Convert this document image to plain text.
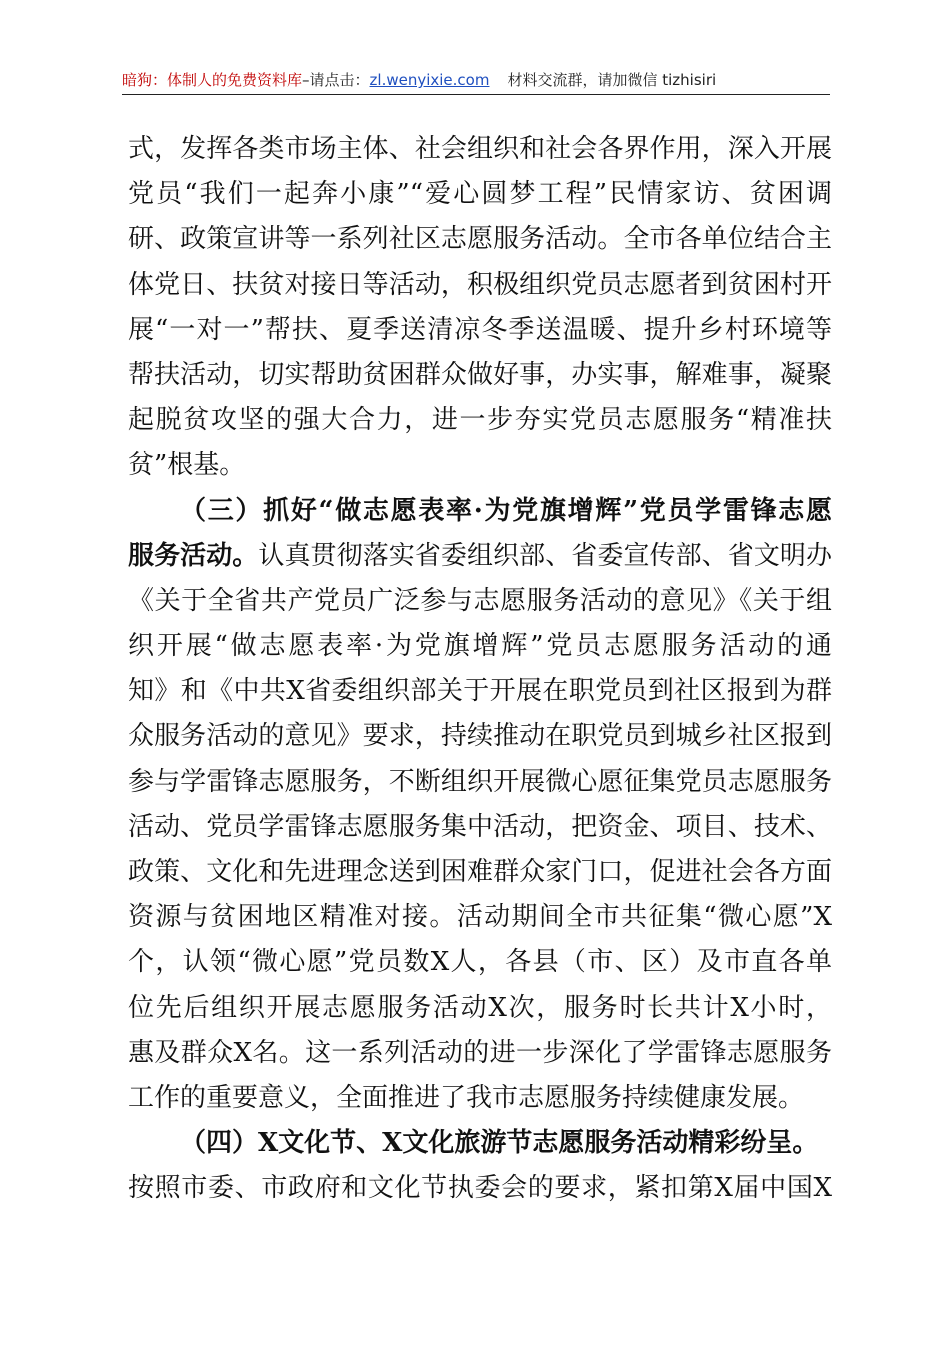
暗狗：体制人的免费资料库–请点击：zl.wenyixie.com 材料交流群，请加微信 tizhisiri
式，发挥各类市场主体、社会组织和社会各界作用，深入开展
党员“我们一起奔小康”“爱心圆梦工程”民情家访、贫困调
研、政策宣讲等一系列社区志愿服务活动。全市各单位结合主
体党日、扶贫对接日等活动，积极组织党员志愿者到贫困村开
展“一对一”帮扶、夏季送清凉冬季送温暖、提升乡村环境等
帮扶活动，切实帮助贫困群众做好事，办实事，解难事，凝聚
起脱贫攻坚的强大合力，进一步夯实党员志愿服务“精准扶
贫”根基。
（三）抓好“做志愿表率·为党旗增辉”党员学雷锋志愿
服务活动。认真贯彻落实省委组织部、省委宣传部、省文明办
《关于全省共产党员广泛参与志愿服务活动的意见》《关于组
织开展“做志愿表率·为党旗增辉”党员志愿服务活动的通
知》和《中共X省委组织部关于开展在职党员到社区报到为群
众服务活动的意见》要求，持续推动在职党员到城乡社区报到
参与学雷锋志愿服务，不断组织开展微心愿征集党员志愿服务
活动、党员学雷锋志愿服务集中活动，把资金、项目、技术、
政策、文化和先进理念送到困难群众家门口，促进社会各方面
资源与贫困地区精准对接。活动期间全市共征集“微心愿”X
个，认领“微心愿”党员数X人，各县（市、区）及市直各单
位先后组织开展志愿服务活动X次，服务时长共计X小时，
惠及群众X名。这一系列活动的进一步深化了学雷锋志愿服务
工作的重要意义，全面推进了我市志愿服务持续健康发展。
（四）X文化节、X文化旅游节志愿服务活动精彩纷呈。
按照市委、市政府和文化节执委会的要求，紧扣第X届中国X
